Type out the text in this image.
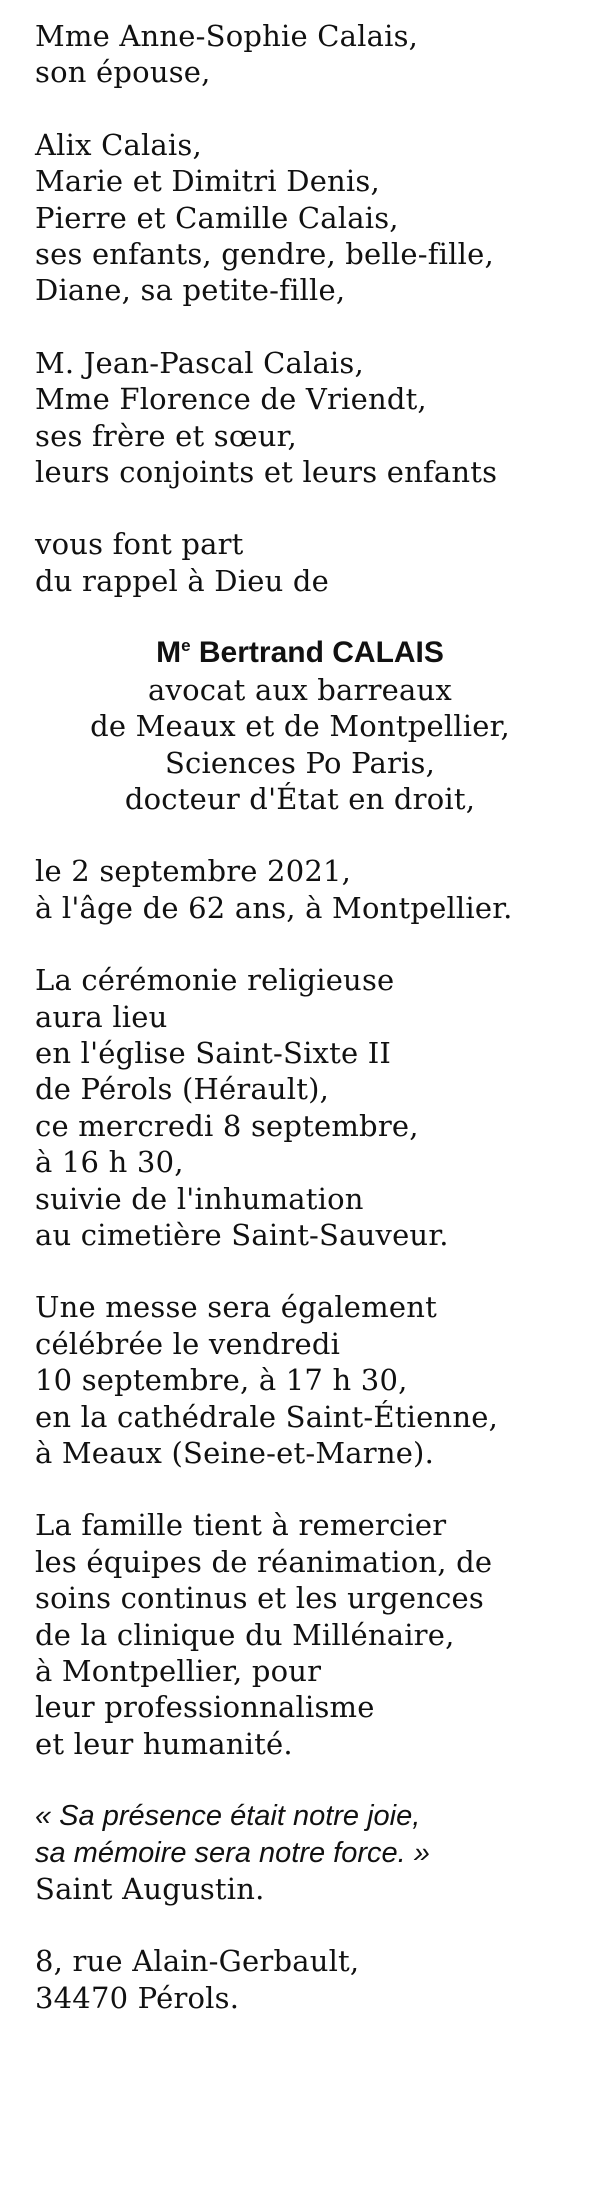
Mme Anne-Sophie Calais,
son épouse,
Alix Calais,
Marie et Dimitri Denis,
Pierre et Camille Calais,
ses enfants, gendre, belle-fille,
Diane, sa petite-fille,
M. Jean-Pascal Calais,
Mme Florence de Vriendt,
ses frère et sœur,
leurs conjoints et leurs enfants
vous font part
du rappel à Dieu de
Me Bertrand CALAIS
avocat aux barreaux
de Meaux et de Montpellier,
Sciences Po Paris,
docteur d'État en droit,
le 2 septembre 2021,
à l'âge de 62 ans, à Montpellier.
La cérémonie religieuse
aura lieu
en l'église Saint-Sixte II
de Pérols (Hérault),
ce mercredi 8 septembre,
à 16 h 30,
suivie de l'inhumation
au cimetière Saint-Sauveur.
Une messe sera également
célébrée le vendredi
10 septembre, à 17 h 30,
en la cathédrale Saint-Étienne,
à Meaux (Seine-et-Marne).
La famille tient à remercier
les équipes de réanimation, de
soins continus et les urgences
de la clinique du Millénaire,
à Montpellier, pour
leur professionnalisme
et leur humanité.
« Sa présence était notre joie,
sa mémoire sera notre force. »
Saint Augustin.
8, rue Alain-Gerbault,
34470 Pérols.
